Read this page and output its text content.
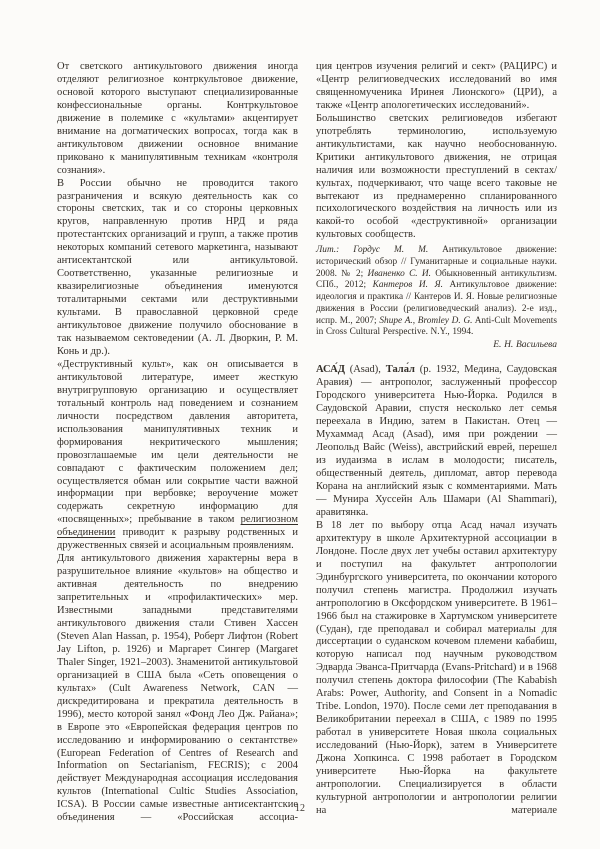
От светского антикультового движения иногда отделяют религиозное контркультовое движение, основой которого выступают специализированные конфессиональные органы. Контркультовое движение в полемике с «культами» акцентирует внимание на догматических вопросах, тогда как в антикультовом движении основное внимание приковано к манипулятивным техникам «контроля сознания».

В России обычно не проводится такого разграничения и всякую деятельность как со стороны светских, так и со стороны церковных кругов, направленную против НРД и ряда протестантских организаций и групп, а также против некоторых компаний сетевого маркетинга, называют антисектантской или антикультовой. Соответственно, указанные религиозные и квазирелигиозные объединения именуются тоталитарными сектами или деструктивными культами. В православной церковной среде антикультовое движение получило обоснование в так называемом сектоведении (А. Л. Дворкин, Р. М. Конь и др.).

«Деструктивный культ», как он описывается в антикультовой литературе, имеет жесткую внутригрупповую организацию и осуществляет тотальный контроль над поведением и сознанием личности посредством давления авторитета, использования манипулятивных техник и формирования некритического мышления; провозглашаемые им цели деятельности не совпадают с фактическим положением дел; осуществляется обман или сокрытие части важной информации при вербовке; вероучение может содержать секретную информацию для «посвященных»; пребывание в таком религиозном объединении приводит к разрыву родственных и дружественных связей и асоциальным проявлениям.

Для антикультового движения характерны вера в разрушительное влияние «культов» на общество и активная деятельность по внедрению запретительных и «профилактических» мер. Известными западными представителями антикультового движения стали Стивен Хассен (Steven Alan Hassan, р. 1954), Роберт Лифтон (Robert Jay Lifton, р. 1926) и Маргарет Сингер (Margaret Thaler Singer, 1921–2003). Знаменитой антикультовой организацией в США была «Сеть оповещения о культах» (Cult Awareness Network, CAN — дискредитирована и прекратила деятельность в 1996), место которой занял «Фонд Лео Дж. Райана»; в Европе это «Европейская федерация центров по исследованию и информированию о сектантстве» (European Federation of Centres of Research and Information on Sectarianism, FECRIS); с 2004 действует Международная ассоциация исследования культов (International Cultic Studies Association, ICSA). В России самые известные антисектантские объединения — «Российская ассоциа-

ция центров изучения религий и сект» (РАЦИРС) и «Центр религиоведческих исследований во имя священномученика Иринея Лионского» (ЦРИ), а также «Центр апологетических исследований».

Большинство светских религиоведов избегают употреблять терминологию, используемую антикультистами, как научно необоснованную. Критики антикультового движения, не отрицая наличия или возможности преступлений в сектах/культах, подчеркивают, что чаще всего таковые не вытекают из преднамеренно спланированного психологического воздействия на личность или из какой-то особой «деструктивной» организации культовых сообществ.

Лит.: Гордус М. М. Антикультовое движение: исторический обзор // Гуманитарные и социальные науки. 2008. № 2; Иваненко С. И. Обыкновенный антикультизм. СПб., 2012; Кантеров И. Я. Антикультовое движение: идеология и практика // Кантеров И. Я. Новые религиозные движения в России (религиоведческий анализ). 2-е изд., испр. М., 2007; Shupe A., Bromley D. G. Anti-Cult Movements in Cross Cultural Perspective. N.Y., 1994.

Е. Н. Васильева

АСА́Д (Asad), Тала́л (р. 1932, Медина, Саудовская Аравия) — антрополог, заслуженный профессор Городского университета Нью-Йорка. Родился в Саудовской Аравии, спустя несколько лет семья переехала в Индию, затем в Пакистан. Отец — Мухаммад Асад (Asad), имя при рождении — Леопольд Вайс (Weiss), австрийский еврей, перешел из иудаизма в ислам в молодости; писатель, общественный деятель, дипломат, автор перевода Корана на английский язык с комментариями. Мать — Мунира Хуссейн Аль Шамари (Al Shammari), аравитянка.

В 18 лет по выбору отца Асад начал изучать архитектуру в школе Архитектурной ассоциации в Лондоне. После двух лет учебы оставил архитектуру и поступил на факультет антропологии Эдинбургского университета, по окончании которого получил степень магистра. Продолжил изучать антропологию в Оксфордском университете. В 1961–1966 был на стажировке в Хартумском университете (Судан), где преподавал и собирал материалы для диссертации о суданском кочевом племени кабабиш, которую написал под научным руководством Эдварда Эванса-Притчарда (Evans-Pritchard) и в 1968 получил степень доктора философии (The Kababish Arabs: Power, Authority, and Consent in a Nomadic Tribe. London, 1970). После семи лет преподавания в Великобритании переехал в США, с 1989 по 1995 работал в университете Новая школа социальных исследований (Нью-Йорк), затем в Университете Джона Хопкинса. С 1998 работает в Городском университете Нью-Йорка на факультете антропологии. Специализируется в области культурной антропологии и антропологии религии на материале

12
